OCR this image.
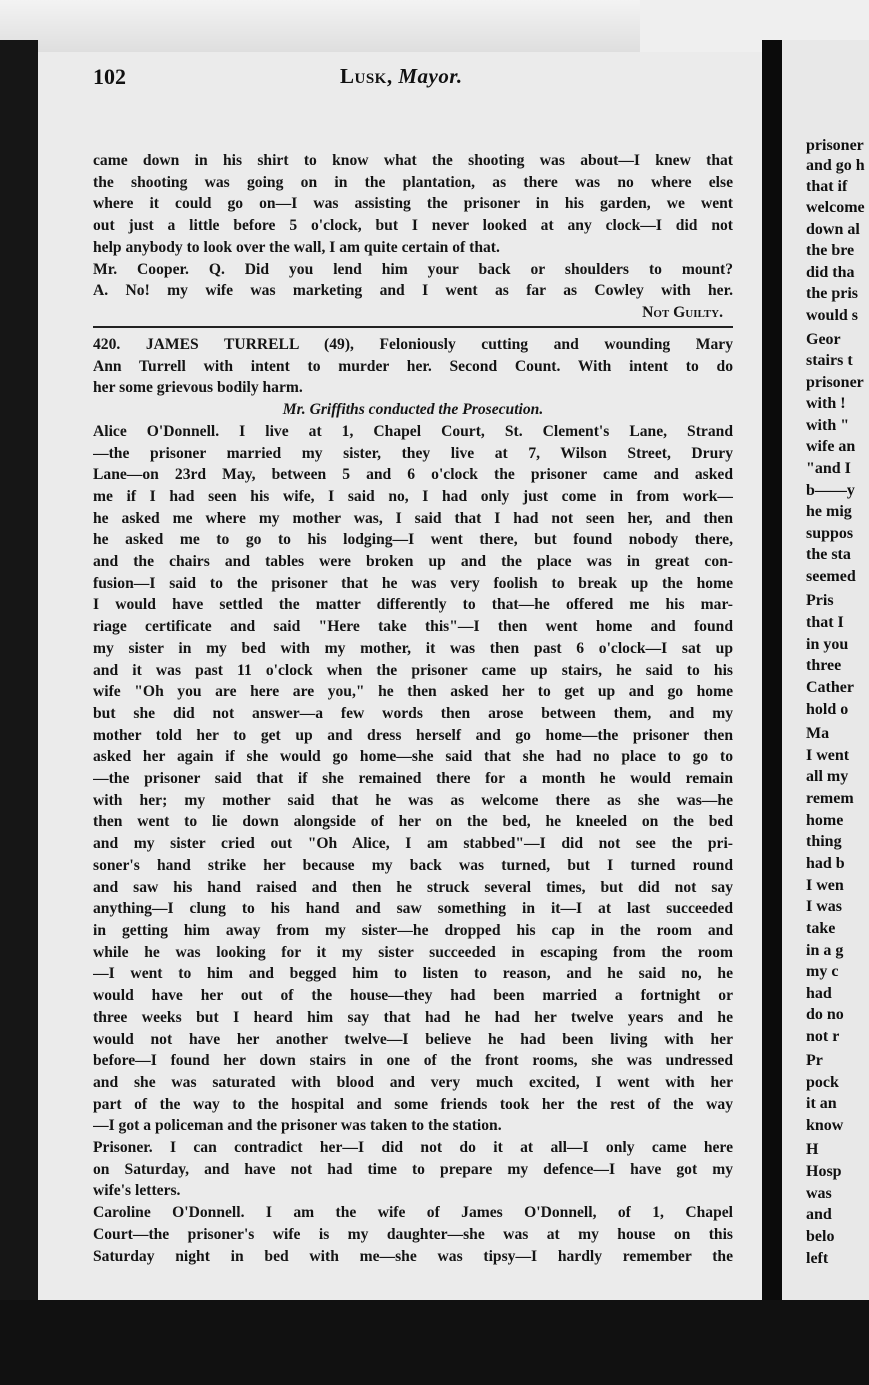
102	Lusk, Mayor.
came down in his shirt to know what the shooting was about—I knew that
the shooting was going on in the plantation, as there was no where else
where it could go on—I was assisting the prisoner in his garden, we went
out just a little before 5 o'clock, but I never looked at any clock—I did not
help anybody to look over the wall, I am quite certain of that.
Mr. Cooper. Q. Did you lend him your back or shoulders to mount?
A. No! my wife was marketing and I went as far as Cowley with her.
Not Guilty.
420. JAMES TURRELL (49), Feloniously cutting and wounding Mary
Ann Turrell with intent to murder her. Second Count. With intent to do
her some grievous bodily harm.
Mr. Griffiths conducted the Prosecution.
Alice O'Donnell. I live at 1, Chapel Court, St. Clement's Lane, Strand
—the prisoner married my sister, they live at 7, Wilson Street, Drury
Lane—on 23rd May, between 5 and 6 o'clock the prisoner came and asked
me if I had seen his wife, I said no, I had only just come in from work—
he asked me where my mother was, I said that I had not seen her, and then
he asked me to go to his lodging—I went there, but found nobody there,
and the chairs and tables were broken up and the place was in great con-
fusion—I said to the prisoner that he was very foolish to break up the home
I would have settled the matter differently to that—he offered me his mar-
riage certificate and said "Here take this"—I then went home and found
my sister in my bed with my mother, it was then past 6 o'clock—I sat up
and it was past 11 o'clock when the prisoner came up stairs, he said to his
wife "Oh you are here are you," he then asked her to get up and go home
but she did not answer—a few words then arose between them, and my
mother told her to get up and dress herself and go home—the prisoner then
asked her again if she would go home—she said that she had no place to go to
—the prisoner said that if she remained there for a month he would remain
with her; my mother said that he was as welcome there as she was—he
then went to lie down alongside of her on the bed, he kneeled on the bed
and my sister cried out "Oh Alice, I am stabbed"—I did not see the pri-
soner's hand strike her because my back was turned, but I turned round
and saw his hand raised and then he struck several times, but did not say
anything—I clung to his hand and saw something in it—I at last succeeded
in getting him away from my sister—he dropped his cap in the room and
while he was looking for it my sister succeeded in escaping from the room
—I went to him and begged him to listen to reason, and he said no, he
would have her out of the house—they had been married a fortnight or
three weeks but I heard him say that had he had her twelve years and he
would not have her another twelve—I believe he had been living with her
before—I found her down stairs in one of the front rooms, she was undressed
and she was saturated with blood and very much excited, I went with her
part of the way to the hospital and some friends took her the rest of the way
—I got a policeman and the prisoner was taken to the station.
Prisoner. I can contradict her—I did not do it at all—I only came here
on Saturday, and have not had time to prepare my defence—I have got my
wife's letters.
Caroline O'Donnell. I am the wife of James O'Donnell, of 1, Chapel
Court—the prisoner's wife is my daughter—she was at my house on this
Saturday night in bed with me—she was tipsy—I hardly remember the
prisoner
and go h
that if
welcome
down al
the bre
did tha
the pris
would s
Geor
stairs t
prisoner
with !
with "
wife an
"and I
b——y
he mig
suppos
the sta
seemed
Pris
that I
in you
three
Cather
hold o
Ma
I went
all my
remem
home
thing
had b
I wen
I was
take
in a g
my c
had
do no
not r
Pr
pock
it an
know
H
Hosp
was
and
belo
left
